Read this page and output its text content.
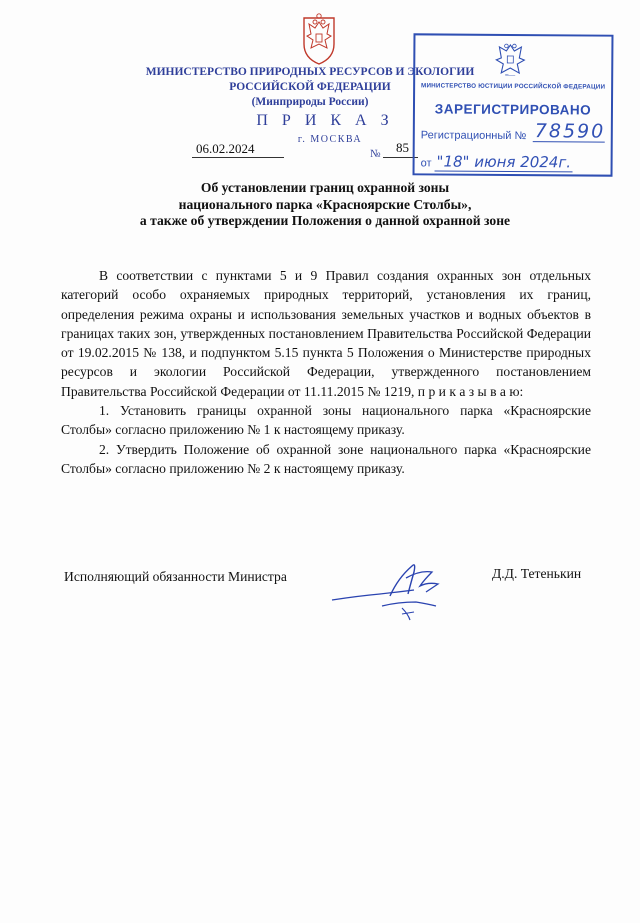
МИНИСТЕРСТВО ПРИРОДНЫХ РЕСУРСОВ И ЭКОЛОГИИ
РОССИЙСКОЙ ФЕДЕРАЦИИ
(Минприроды России)
П Р И К А З
г. МОСКВА
06.02.2024	№ 85
МИНИСТЕРСТВО ЮСТИЦИИ РОССИЙСКОЙ ФЕДЕРАЦИИ
ЗАРЕГИСТРИРОВАНО
Регистрационный № 78590
от "18" июня 2024г.
Об установлении границ охранной зоны
национального парка «Красноярские Столбы»,
а также об утверждении Положения о данной охранной зоне

В соответствии с пунктами 5 и 9 Правил создания охранных зон отдельных категорий особо охраняемых природных территорий, установления их границ, определения режима охраны и использования земельных участков и водных объектов в границах таких зон, утвержденных постановлением Правительства Российской Федерации от 19.02.2015 № 138, и подпунктом 5.15 пункта 5 Положения о Министерстве природных ресурсов и экологии Российской Федерации, утвержденного постановлением Правительства Российской Федерации от 11.11.2015 № 1219, п р и к а з ы в а ю:

1. Установить границы охранной зоны национального парка «Красноярские Столбы» согласно приложению № 1 к настоящему приказу.

2. Утвердить Положение об охранной зоне национального парка «Красноярские Столбы» согласно приложению № 2 к настоящему приказу.

Исполняющий обязанности Министра	Д.Д. Тетенькин
